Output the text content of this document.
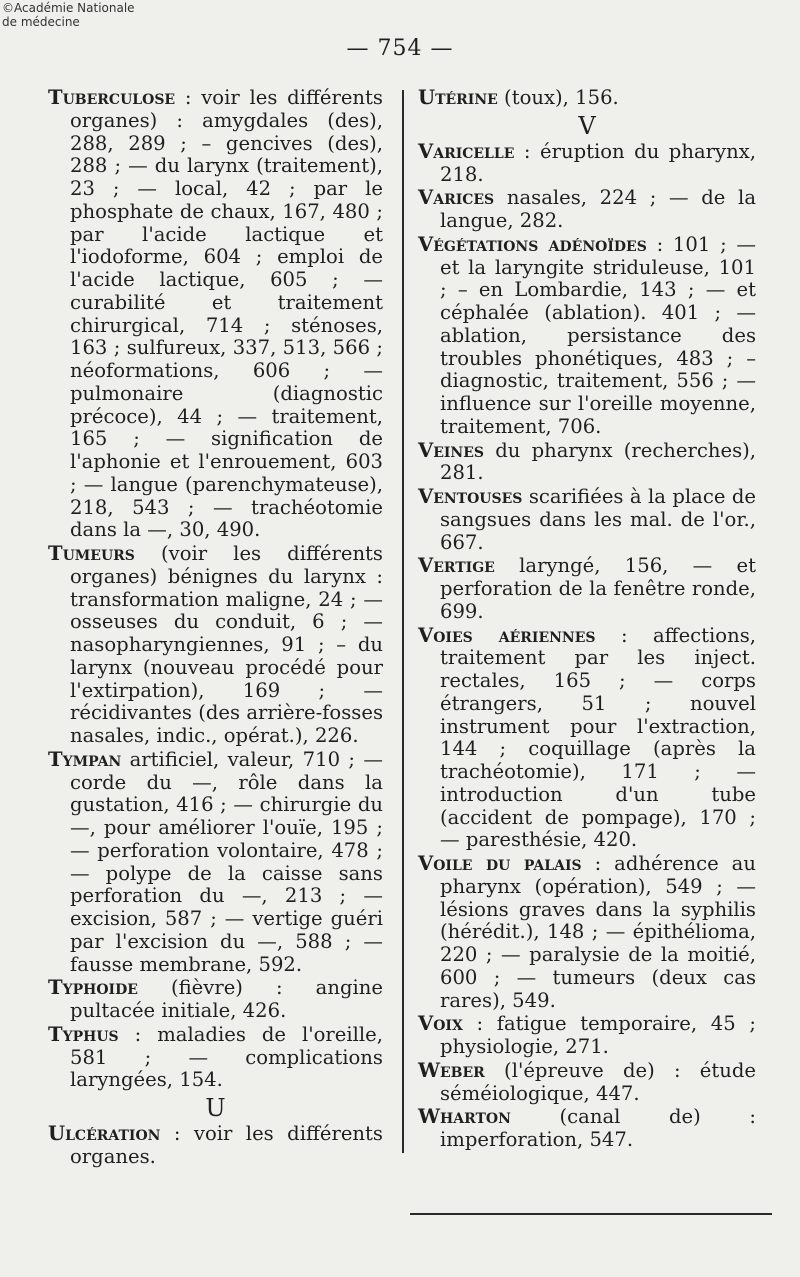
©Académie Nationale
de médecine
— 754 —
Tuberculose : voir les différents organes) : amygdales (des), 288, 289 ; – gencives (des), 288 ; — du larynx (traitement), 23 ; — local, 42 ; par le phosphate de chaux, 167, 480 ; par l'acide lactique et l'iodoforme, 604 ; emploi de l'acide lactique, 605 ; — curabilité et traitement chirurgical, 714 ; sténoses, 163 ; sulfureux, 337, 513, 566 ; néoformations, 606 ; — pulmonaire (diagnostic précoce), 44 ; — traitement, 165 ; — signification de l'aphonie et l'enrouement, 603 ; — langue (parenchymateuse), 218, 543 ; — trachéotomie dans la —, 30, 490.
Tumeurs (voir les différents organes) bénignes du larynx : transformation maligne, 24 ; — osseuses du conduit, 6 ; — nasopharyngiennes, 91 ; – du larynx (nouveau procédé pour l'extirpation), 169 ; — récidivantes (des arrière-fosses nasales, indic., opérat.), 226.
Tympan artificiel, valeur, 710 ; — corde du —, rôle dans la gustation, 416 ; — chirurgie du —, pour améliorer l'ouïe, 195 ; — perforation volontaire, 478 ; — polype de la caisse sans perforation du —, 213 ; — excision, 587 ; — vertige guéri par l'excision du —, 588 ; — fausse membrane, 592.
Typhoide (fièvre) : angine pultacée initiale, 426.
Typhus : maladies de l'oreille, 581 ; — complications laryngées, 154.
U
Ulcération : voir les différents organes.
Utérine (toux), 156.
V
Varicelle : éruption du pharynx, 218.
Varices nasales, 224 ; — de la langue, 282.
Végétations adénoïdes : 101 ; — et la laryngite striduleuse, 101 ; – en Lombardie, 143 ; — et céphalée (ablation). 401 ; — ablation, persistance des troubles phonétiques, 483 ; – diagnostic, traitement, 556 ; — influence sur l'oreille moyenne, traitement, 706.
Veines du pharynx (recherches), 281.
Ventouses scarifiées à la place de sangsues dans les mal. de l'or., 667.
Vertige laryngé, 156, — et perforation de la fenêtre ronde, 699.
Voies aériennes : affections, traitement par les inject. rectales, 165 ; — corps étrangers, 51 ; nouvel instrument pour l'extraction, 144 ; coquillage (après la trachéotomie), 171 ; — introduction d'un tube (accident de pompage), 170 ; — paresthésie, 420.
Voile du palais : adhérence au pharynx (opération), 549 ; — lésions graves dans la syphilis (hérédit.), 148 ; — épithélioma, 220 ; — paralysie de la moitié, 600 ; — tumeurs (deux cas rares), 549.
Voix : fatigue temporaire, 45 ; physiologie, 271.
Weber (l'épreuve de) : étude séméiologique, 447.
Wharton (canal de) : imperforation, 547.
